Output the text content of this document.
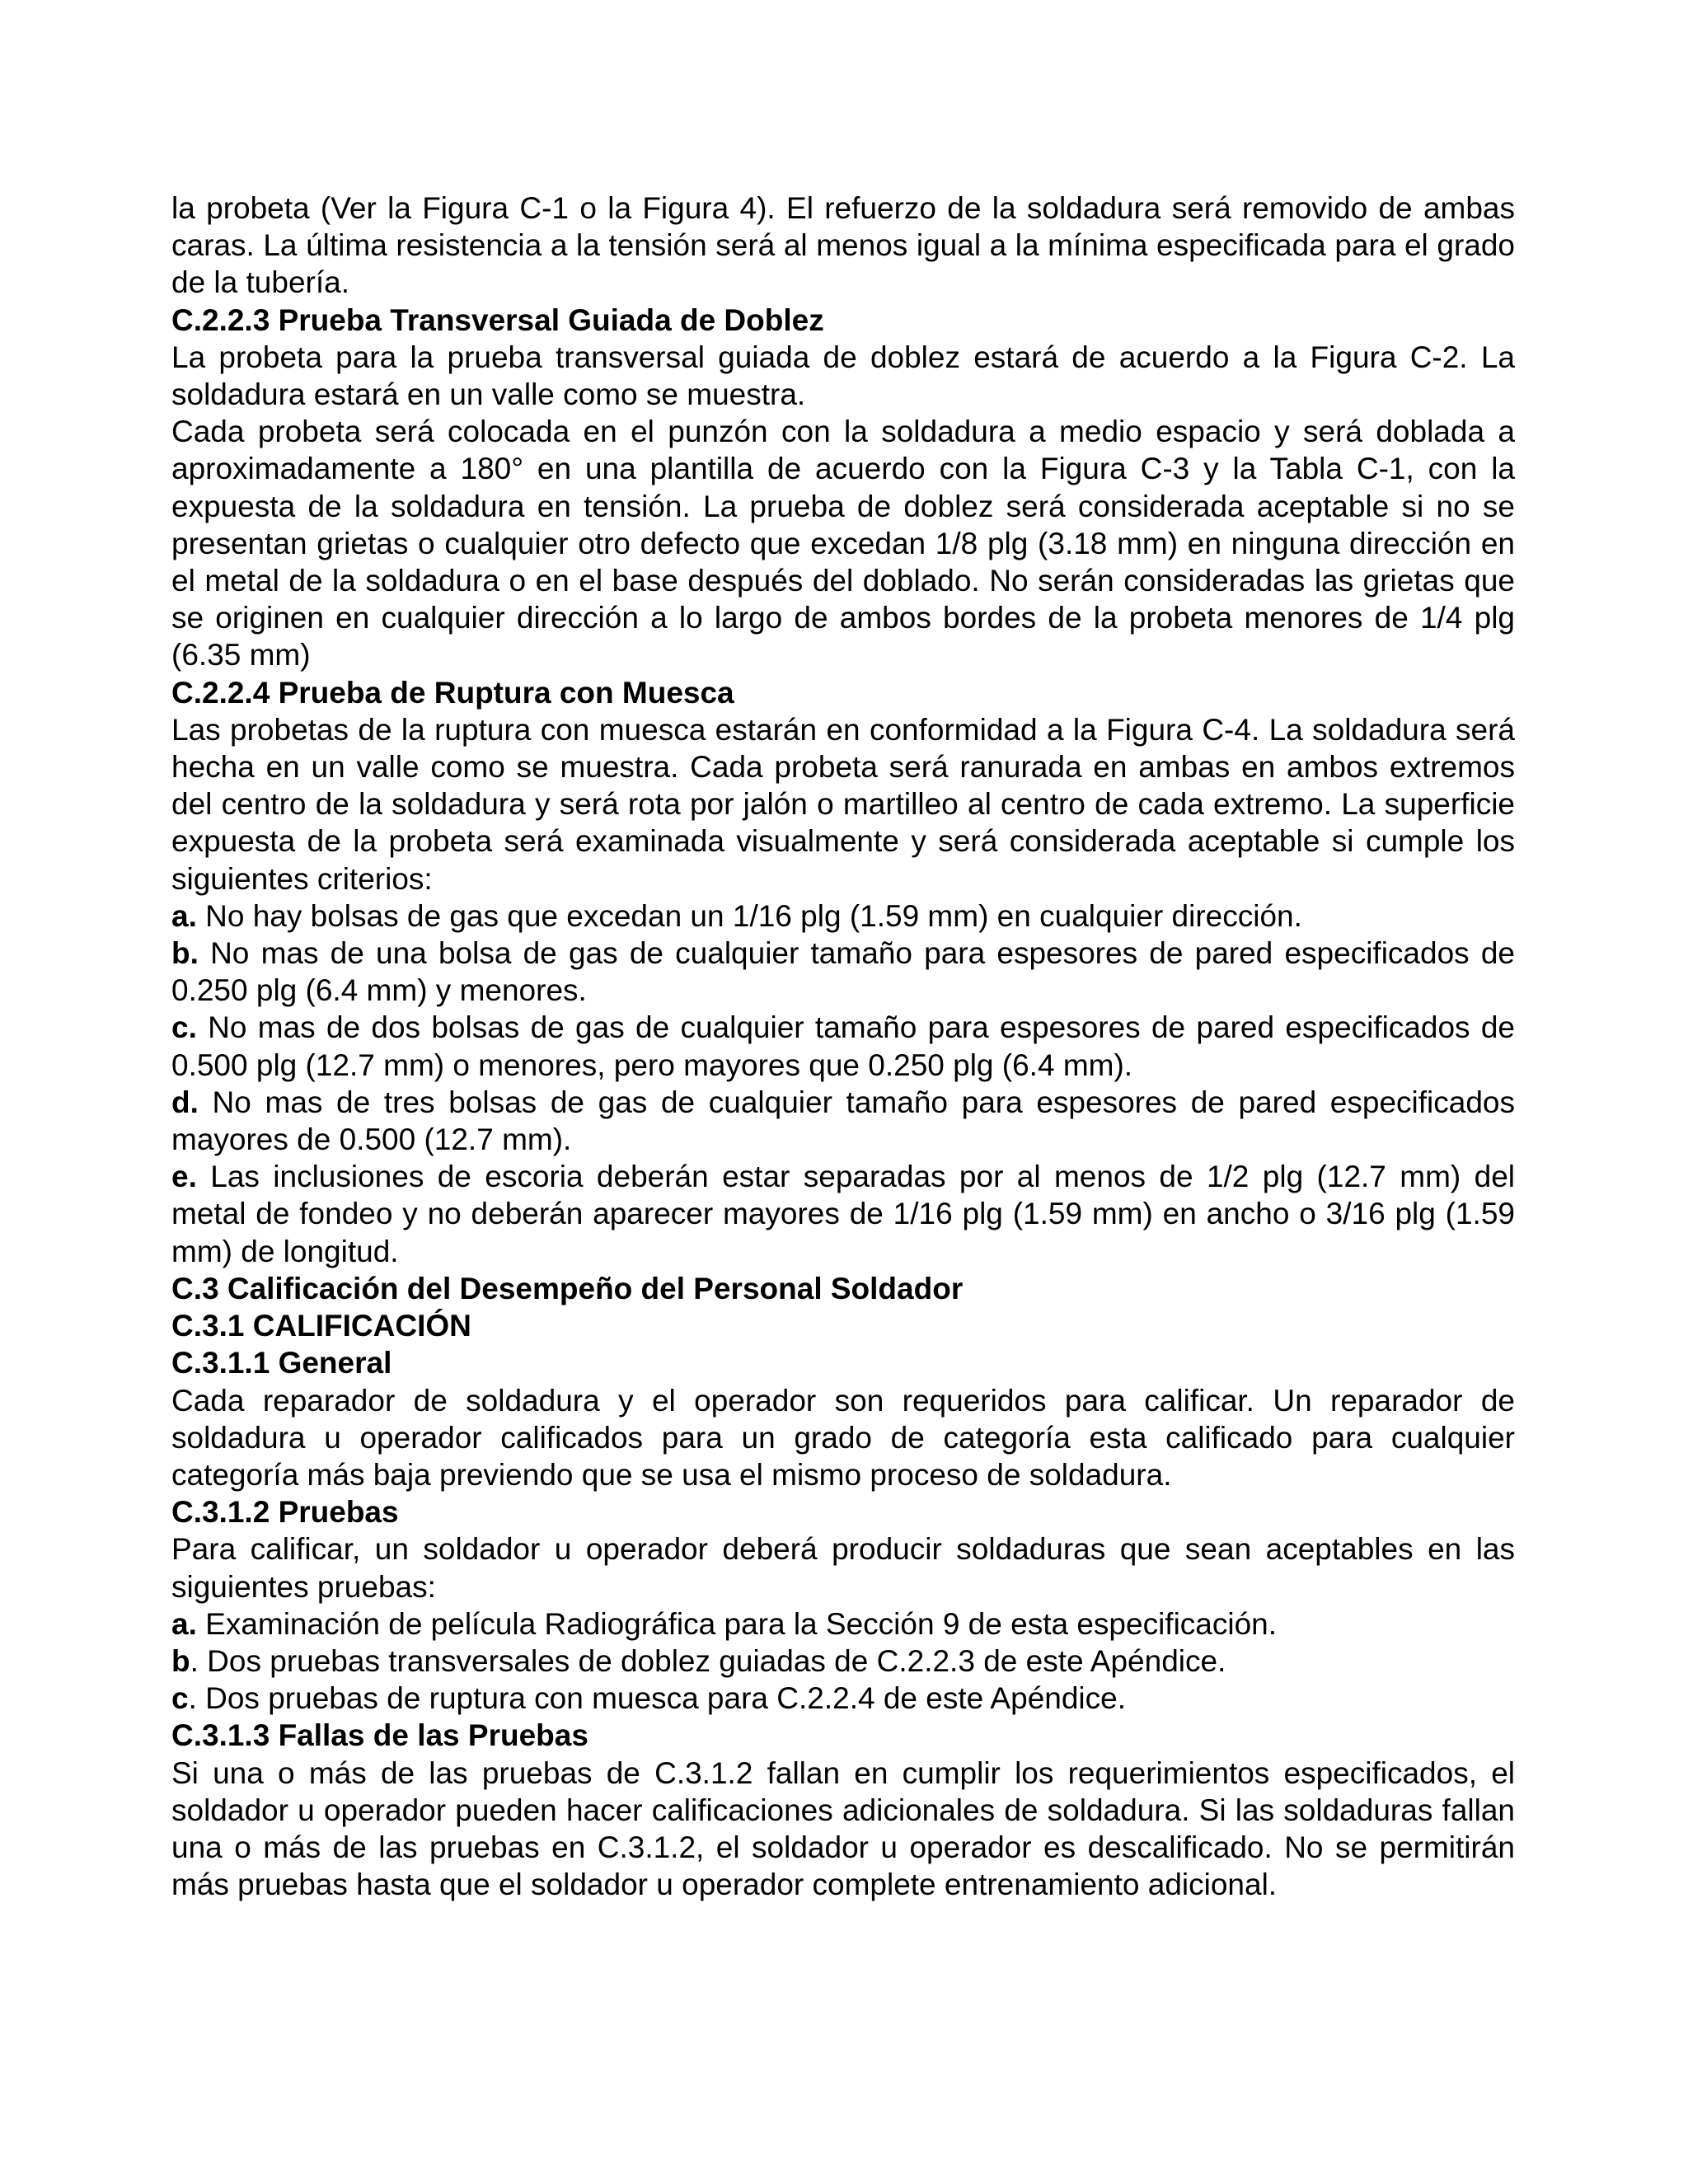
la probeta (Ver la Figura C-1 o la Figura 4). El refuerzo de la soldadura será removido de ambas caras. La última resistencia a la tensión será al menos igual a la mínima especificada para el grado de la tubería.

C.2.2.3 Prueba Transversal Guiada de Doblez

La probeta para la prueba transversal guiada de doblez estará de acuerdo a la Figura C-2. La soldadura estará en un valle como se muestra.

Cada probeta será colocada en el punzón con la soldadura a medio espacio y será doblada a aproximadamente a 180° en una plantilla de acuerdo con la Figura C-3 y la Tabla C-1, con la expuesta de la soldadura en tensión. La prueba de doblez será considerada aceptable si no se presentan grietas o cualquier otro defecto que excedan 1/8 plg (3.18 mm) en ninguna dirección en el metal de la soldadura o en el base después del doblado. No serán consideradas las grietas que se originen en cualquier dirección a lo largo de ambos bordes de la probeta menores de 1/4 plg (6.35 mm)

C.2.2.4 Prueba de Ruptura con Muesca

Las probetas de la ruptura con muesca estarán en conformidad a la Figura C-4. La soldadura será hecha en un valle como se muestra. Cada probeta será ranurada en ambas en ambos extremos del centro de la soldadura y será rota por jalón o martilleo al centro de cada extremo. La superficie expuesta de la probeta será examinada visualmente y será considerada aceptable si cumple los siguientes criterios:

a. No hay bolsas de gas que excedan un 1/16 plg (1.59 mm) en cualquier dirección.

b. No mas de una bolsa de gas de cualquier tamaño para espesores de pared especificados de 0.250 plg (6.4 mm) y menores.

c. No mas de dos bolsas de gas de cualquier tamaño para espesores de pared especificados de 0.500 plg (12.7 mm) o menores, pero mayores que 0.250 plg (6.4 mm).

d. No mas de tres bolsas de gas de cualquier tamaño para espesores de pared especificados mayores de 0.500 (12.7 mm).

e. Las inclusiones de escoria deberán estar separadas por al menos de 1/2 plg (12.7 mm) del metal de fondeo y no deberán aparecer mayores de 1/16 plg (1.59 mm) en ancho o 3/16 plg (1.59 mm) de longitud.

C.3 Calificación del Desempeño del Personal Soldador

C.3.1 CALIFICACIÓN

C.3.1.1 General

Cada reparador de soldadura y el operador son requeridos para calificar. Un reparador de soldadura u operador calificados para un grado de categoría esta calificado para cualquier categoría más baja previendo que se usa el mismo proceso de soldadura.

C.3.1.2 Pruebas

Para calificar, un soldador u operador deberá producir soldaduras que sean aceptables en las siguientes pruebas:

a. Examinación de película Radiográfica para la Sección 9 de esta especificación.

b. Dos pruebas transversales de doblez guiadas de C.2.2.3 de este Apéndice.

c. Dos pruebas de ruptura con muesca para C.2.2.4 de este Apéndice.

C.3.1.3 Fallas de las Pruebas

Si una o más de las pruebas de C.3.1.2 fallan en cumplir los requerimientos especificados, el soldador u operador pueden hacer calificaciones adicionales de soldadura. Si las soldaduras fallan una o más de las pruebas en C.3.1.2, el soldador u operador es descalificado. No se permitirán más pruebas hasta que el soldador u operador complete entrenamiento adicional.
